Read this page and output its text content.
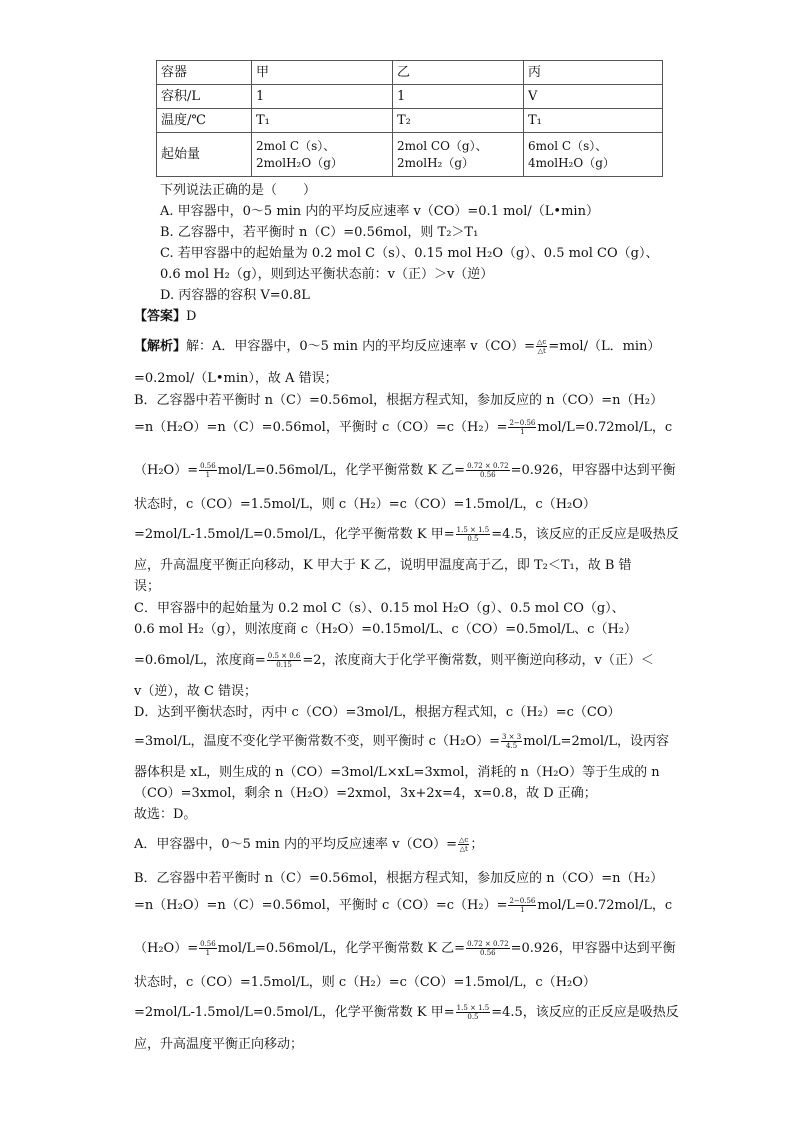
容器	甲	乙	丙
容积/L	1	1	V
温度/℃	T₁	T₂	T₁
起始量	2mol C（s）、2molH₂O（g）	2mol CO（g）、2molH₂（g）	6mol C（s）、4molH₂O（g）
下列说法正确的是（　　）
A. 甲容器中，0～5 min 内的平均反应速率 v（CO）=0.1 mol/（L•min）
B. 乙容器中，若平衡时 n（C）=0.56mol，则 T₂＞T₁
C. 若甲容器中的起始量为 0.2 mol C（s）、0.15 mol H₂O（g）、0.5 mol CO（g）、
0.6 mol H₂（g），则到达平衡状态前：v（正）＞v（逆）
D. 丙容器的容积 V=0.8L
【答案】D
【解析】解：A．甲容器中，0～5 min 内的平均反应速率 $v(CO)= \frac{\triangle c}{\triangle t} =mol/(L$．min）
=0.2mol/（L•min），故 A 错误；
B．乙容器中若平衡时 n（C）=0.56mol，根据方程式知，参加反应的 n（CO）=n（H₂）
=n（H₂O）=n（C）=0.56mol，平衡时 $c(CO)=c(H_2)= \frac{2-0.56}{1} mol/L=0.72mol/L$，c
$(H_2O)= \frac{0.56}{1} mol/L=0.56mol/L$，化学平衡常数 K 乙= $\frac{0.72 \times 0.72}{0.56} =0.926$，甲容器中达到平衡
状态时，c（CO）=1.5mol/L，则 c（H₂）=c（CO）=1.5mol/L，c（H₂O）
=2mol/L-1.5mol/L=0.5mol/L，化学平衡常数 K 甲= $\frac{1.5 \times 1.5}{0.5} =4.5$，该反应的正反应是吸热反
应，升高温度平衡正向移动，K 甲大于 K 乙，说明甲温度高于乙，即 T₂＜T₁，故 B 错
误；
C．甲容器中的起始量为 0.2 mol C（s）、0.15 mol H₂O（g）、0.5 mol CO（g）、
0.6 mol H₂（g），则浓度商 c（H₂O）=0.15mol/L、c（CO）=0.5mol/L、c（H₂）
=0.6mol/L，浓度商= $\frac{0.5 \times 0.6}{0.15} =2$，浓度商大于化学平衡常数，则平衡逆向移动，v（正）＜
v（逆），故 C 错误；
D．达到平衡状态时，丙中 c（CO）=3mol/L，根据方程式知，c（H₂）=c（CO）
=3mol/L，温度不变化学平衡常数不变，则平衡时 $c(H_2O)= \frac{3 \times 3}{4.5} mol/L=2mol/L$，设丙容
器体积是 xL，则生成的 n（CO）=3mol/L×xL=3xmol，消耗的 n（H₂O）等于生成的 n
（CO）=3xmol，剩余 n（H₂O）=2xmol，3x+2x=4，x=0.8，故 D 正确；
故选：D。
A．甲容器中，0～5 min 内的平均反应速率 $v(CO)= \frac{\triangle c}{\triangle t}$ ；
B．乙容器中若平衡时 n（C）=0.56mol，根据方程式知，参加反应的 n（CO）=n（H₂）
=n（H₂O）=n（C）=0.56mol，平衡时 $c(CO)=c(H_2)= \frac{2-0.56}{1} mol/L=0.72mol/L$，c
$(H_2O)= \frac{0.56}{1} mol/L=0.56mol/L$，化学平衡常数 K 乙= $\frac{0.72 \times 0.72}{0.56} =0.926$，甲容器中达到平衡
状态时，c（CO）=1.5mol/L，则 c（H₂）=c（CO）=1.5mol/L，c（H₂O）
=2mol/L-1.5mol/L=0.5mol/L，化学平衡常数 K 甲= $\frac{1.5 \times 1.5}{0.5} =4.5$，该反应的正反应是吸热反
应，升高温度平衡正向移动；
